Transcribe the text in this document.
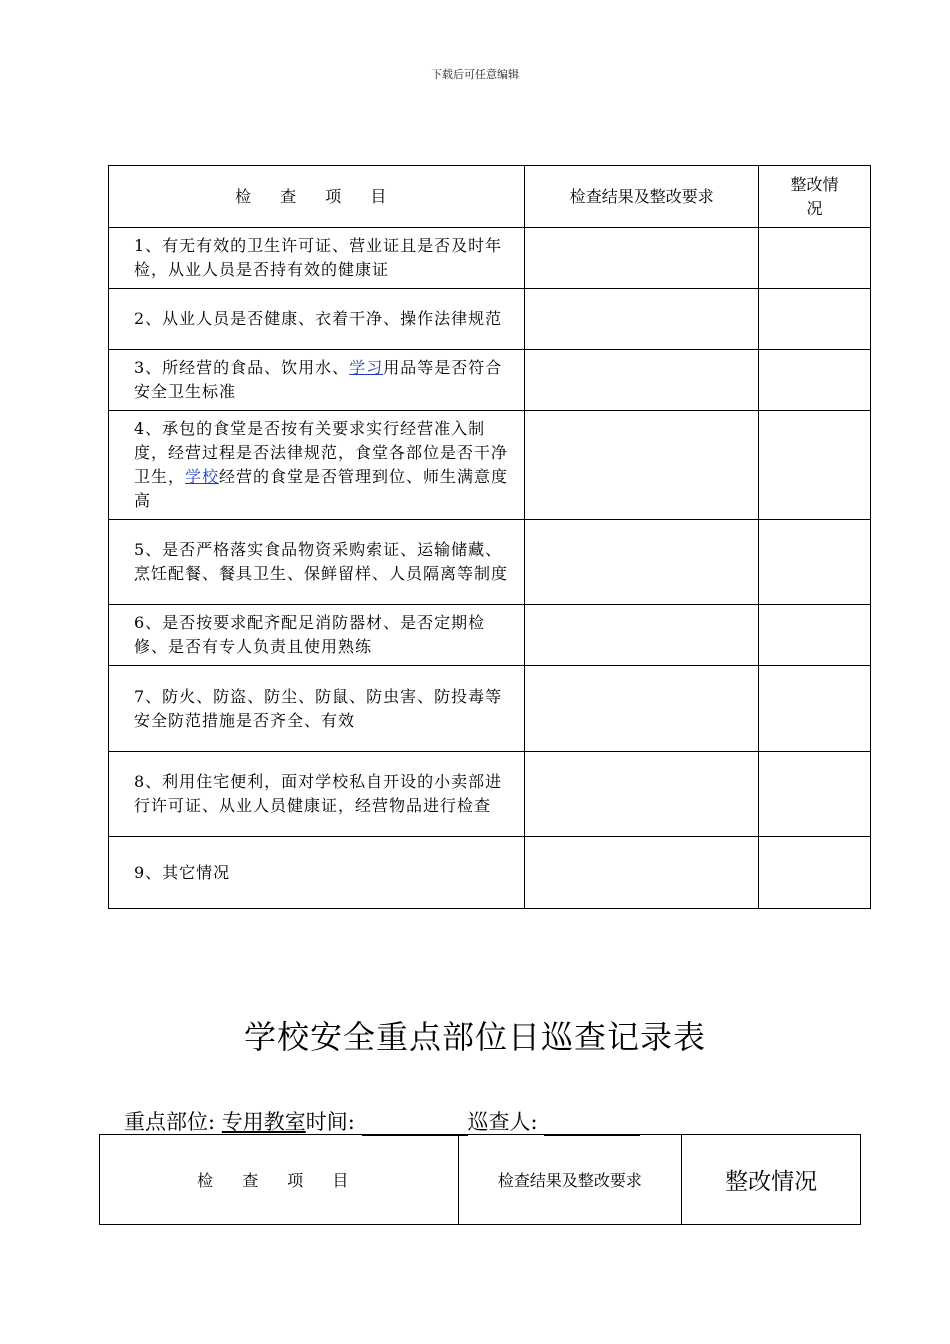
下载后可任意编辑
检 查 项 目	检查结果及整改要求	整改情况
1、有无有效的卫生许可证、营业证且是否及时年检，从业人员是否持有效的健康证		
2、从业人员是否健康、衣着干净、操作法律规范		
3、所经营的食品、饮用水、学习用品等是否符合安全卫生标准		
4、承包的食堂是否按有关要求实行经营准入制度，经营过程是否法律规范，食堂各部位是否干净卫生，学校经营的食堂是否管理到位、师生满意度高		
5、是否严格落实食品物资采购索证、运输储藏、烹饪配餐、餐具卫生、保鲜留样、人员隔离等制度		
6、是否按要求配齐配足消防器材、是否定期检修、是否有专人负责且使用熟练		
7、防火、防盗、防尘、防鼠、防虫害、防投毒等安全防范措施是否齐全、有效		
8、利用住宅便利，面对学校私自开设的小卖部进行许可证、从业人员健康证，经营物品进行检查		
9、其它情况		
学校安全重点部位日巡查记录表
重点部位: 专用教室时间:	巡查人:
检 查 项 目	检查结果及整改要求	整改情况
